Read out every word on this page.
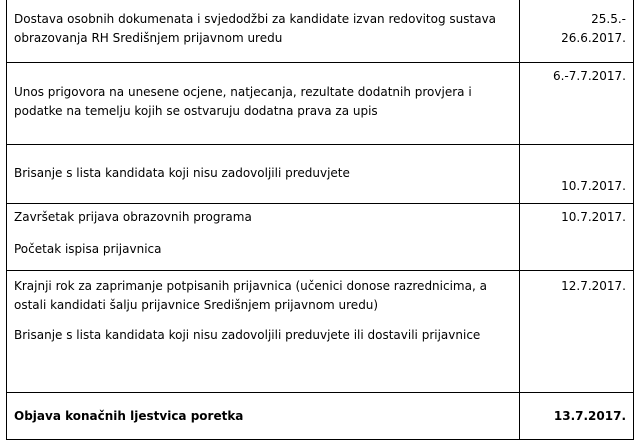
Dostava osobnih dokumenata i svjedodžbi za kandidate izvan redovitog sustava
obrazovanja RH Središnjem prijavnom uredu	25.5.-
26.6.2017.

Unos prigovora na unesene ocjene, natjecanja, rezultate dodatnih provjera i
podatke na temelju kojih se ostvaruju dodatna prava za upis	6.-7.7.2017.

Brisanje s lista kandidata koji nisu zadovoljili preduvjete	10.7.2017.

Završetak prijava obrazovnih programa
Početak ispisa prijavnica	10.7.2017.

Krajnji rok za zaprimanje potpisanih prijavnica (učenici donose razrednicima, a
ostali kandidati šalju prijavnice Središnjem prijavnom uredu)
Brisanje s lista kandidata koji nisu zadovoljili preduvjete ili dostavili prijavnice	12.7.2017.

Objava konačnih ljestvica poretka	13.7.2017.
